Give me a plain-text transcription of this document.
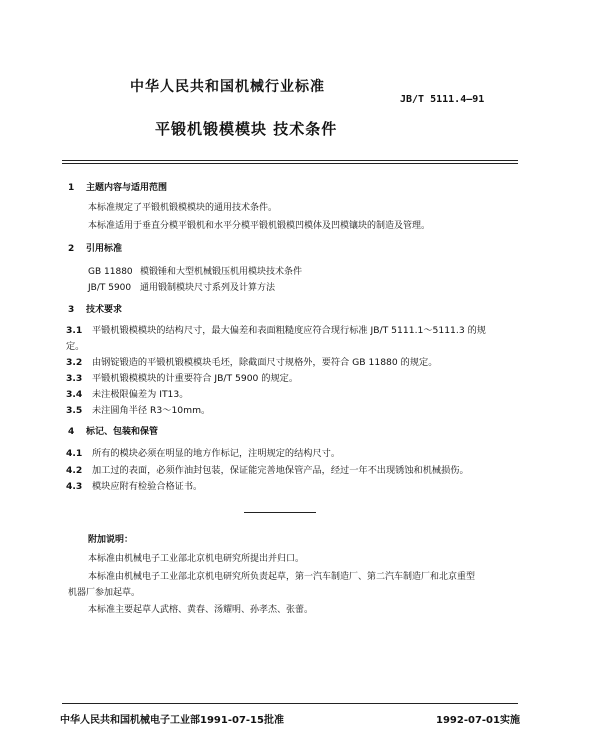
中华人民共和国机械行业标准
JB/T 5111.4—91
平锻机锻模模块 技术条件
1 主题内容与适用范围
本标准规定了平锻机锻模模块的通用技术条件。
本标准适用于垂直分模平锻机和水平分模平锻机锻模凹模体及凹模镶块的制造及管理。
2 引用标准
GB 11880 模锻锤和大型机械锻压机用模块技术条件
JB/T 5900 通用锻制模块尺寸系列及计算方法
3 技术要求
3.1 平锻机锻模模块的结构尺寸，最大偏差和表面粗糙度应符合现行标准 JB/T 5111.1～5111.3 的规
定。
3.2 由钢锭锻造的平锻机锻模模块毛坯，除截面尺寸规格外，要符合 GB 11880 的规定。
3.3 平锻机锻模模块的计重要符合 JB/T 5900 的规定。
3.4 未注极限偏差为 IT13。
3.5 未注圆角半径 R3～10mm。
4 标记、包装和保管
4.1 所有的模块必须在明显的地方作标记，注明规定的结构尺寸。
4.2 加工过的表面，必须作油封包装，保证能完善地保管产品，经过一年不出现锈蚀和机械损伤。
4.3 模块应附有检验合格证书。
附加说明：
本标准由机械电子工业部北京机电研究所提出并归口。
本标准由机械电子工业部北京机电研究所负责起草，第一汽车制造厂、第二汽车制造厂和北京重型
机器厂参加起草。
本标准主要起草人武榕、黄春、汤耀明、孙孝杰、张蕾。
中华人民共和国机械电子工业部1991-07-15批准	1992-07-01实施
